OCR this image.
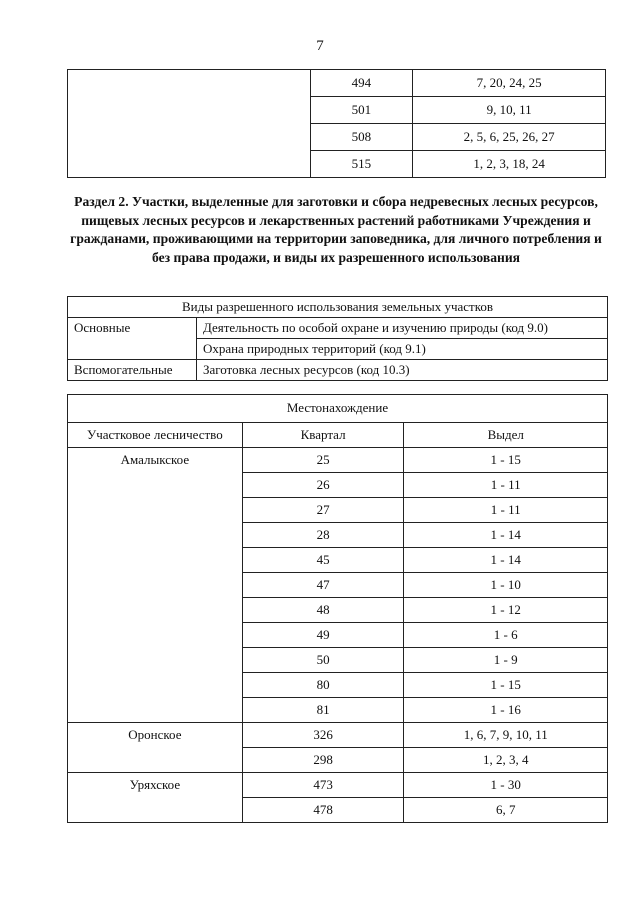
7
	494	7, 20, 24, 25
	501	9, 10, 11
	508	2, 5, 6, 25, 26, 27
	515	1, 2, 3, 18, 24
Раздел 2. Участки, выделенные для заготовки и сбора недревесных лесных ресурсов, пищевых лесных ресурсов и лекарственных растений работниками Учреждения и гражданами, проживающими на территории заповедника, для личного потребления и без права продажи, и виды их разрешенного использования
Виды разрешенного использования земельных участков	
Основные	Деятельность по особой охране и изучению природы (код 9.0)
	Охрана природных территорий (код 9.1)
Вспомогательные	Заготовка лесных ресурсов (код 10.3)
Местонахождение		
Участковое лесничество	Квартал	Выдел
Амалыкское	25	1 - 15
	26	1 - 11
	27	1 - 11
	28	1 - 14
	45	1 - 14
	47	1 - 10
	48	1 - 12
	49	1 - 6
	50	1 - 9
	80	1 - 15
	81	1 - 16
Оронское	326	1, 6, 7, 9, 10, 11
	298	1, 2, 3, 4
Уряхское	473	1 - 30
	478	6, 7
